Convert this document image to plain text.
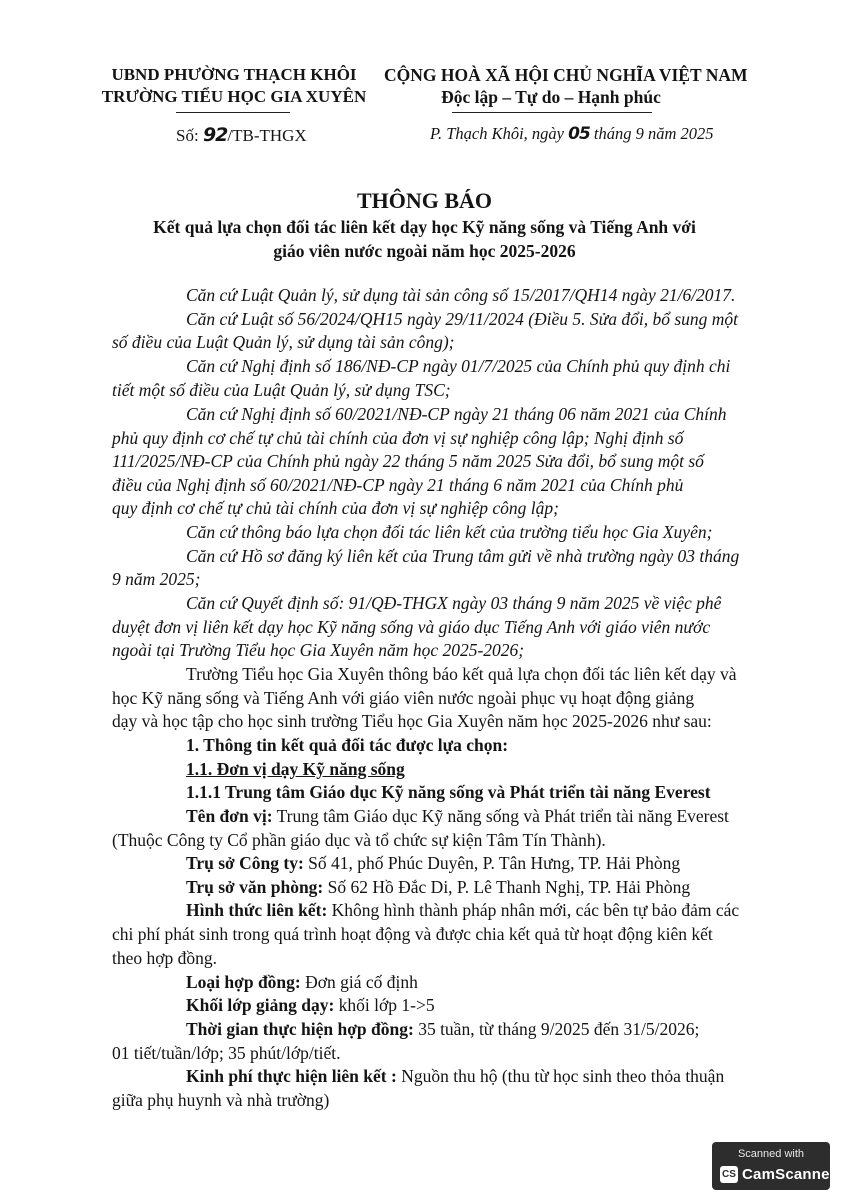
UBND PHƯỜNG THẠCH KHÔI
TRƯỜNG TIỂU HỌC GIA XUYÊN
CỘNG HOÀ XÃ HỘI CHỦ NGHĨA VIỆT NAM
Độc lập – Tự do – Hạnh phúc
Số: 92/TB-THGX	P. Thạch Khôi, ngày 05 tháng 9 năm 2025
THÔNG BÁO
Kết quả lựa chọn đối tác liên kết dạy học Kỹ năng sống và Tiếng Anh với
giáo viên nước ngoài năm học 2025-2026
Căn cứ Luật Quản lý, sử dụng tài sản công số 15/2017/QH14 ngày 21/6/2017.
Căn cứ Luật số 56/2024/QH15 ngày 29/11/2024 (Điều 5. Sửa đổi, bổ sung một
số điều của Luật Quản lý, sử dụng tài sản công);
Căn cứ Nghị định số 186/NĐ-CP ngày 01/7/2025 của Chính phủ quy định chi
tiết một số điều của Luật Quản lý, sử dụng TSC;
Căn cứ Nghị định số 60/2021/NĐ-CP ngày 21 tháng 06 năm 2021 của Chính
phủ quy định cơ chế tự chủ tài chính của đơn vị sự nghiệp công lập; Nghị định số
111/2025/NĐ-CP của Chính phủ ngày 22 tháng 5 năm 2025 Sửa đổi, bổ sung một số
điều của Nghị định số 60/2021/NĐ-CP ngày 21 tháng 6 năm 2021 của Chính phủ
quy định cơ chế tự chủ tài chính của đơn vị sự nghiệp công lập;
Căn cứ thông báo lựa chọn đối tác liên kết của trường tiểu học Gia Xuyên;
Căn cứ Hồ sơ đăng ký liên kết của Trung tâm gửi về nhà trường ngày 03 tháng
9 năm 2025;
Căn cứ Quyết định số: 91/QĐ-THGX ngày 03 tháng 9 năm 2025 về việc phê
duyệt đơn vị liên kết dạy học Kỹ năng sống và giáo dục Tiếng Anh với giáo viên nước
ngoài tại Trường Tiểu học Gia Xuyên năm học 2025-2026;
Trường Tiểu học Gia Xuyên thông báo kết quả lựa chọn đối tác liên kết dạy và
học Kỹ năng sống và Tiếng Anh với giáo viên nước ngoài phục vụ hoạt động giảng
dạy và học tập cho học sinh trường Tiểu học Gia Xuyên năm học 2025-2026 như sau:
1. Thông tin kết quả đối tác được lựa chọn:
1.1. Đơn vị dạy Kỹ năng sống
1.1.1 Trung tâm Giáo dục Kỹ năng sống và Phát triển tài năng Everest
Tên đơn vị: Trung tâm Giáo dục Kỹ năng sống và Phát triển tài năng Everest
(Thuộc Công ty Cổ phần giáo dục và tổ chức sự kiện Tâm Tín Thành).
Trụ sở Công ty: Số 41, phố Phúc Duyên, P. Tân Hưng, TP. Hải Phòng
Trụ sở văn phòng: Số 62 Hồ Đắc Di, P. Lê Thanh Nghị, TP. Hải Phòng
Hình thức liên kết: Không hình thành pháp nhân mới, các bên tự bảo đảm các
chi phí phát sinh trong quá trình hoạt động và được chia kết quả từ hoạt động kiên kết
theo hợp đồng.
Loại hợp đồng: Đơn giá cố định
Khối lớp giảng dạy: khối lớp 1->5
Thời gian thực hiện hợp đồng: 35 tuần, từ tháng 9/2025 đến 31/5/2026;
01 tiết/tuần/lớp; 35 phút/lớp/tiết.
Kinh phí thực hiện liên kết : Nguồn thu hộ (thu từ học sinh theo thỏa thuận
giữa phụ huynh và nhà trường)
Scanned with
CS CamScanner
